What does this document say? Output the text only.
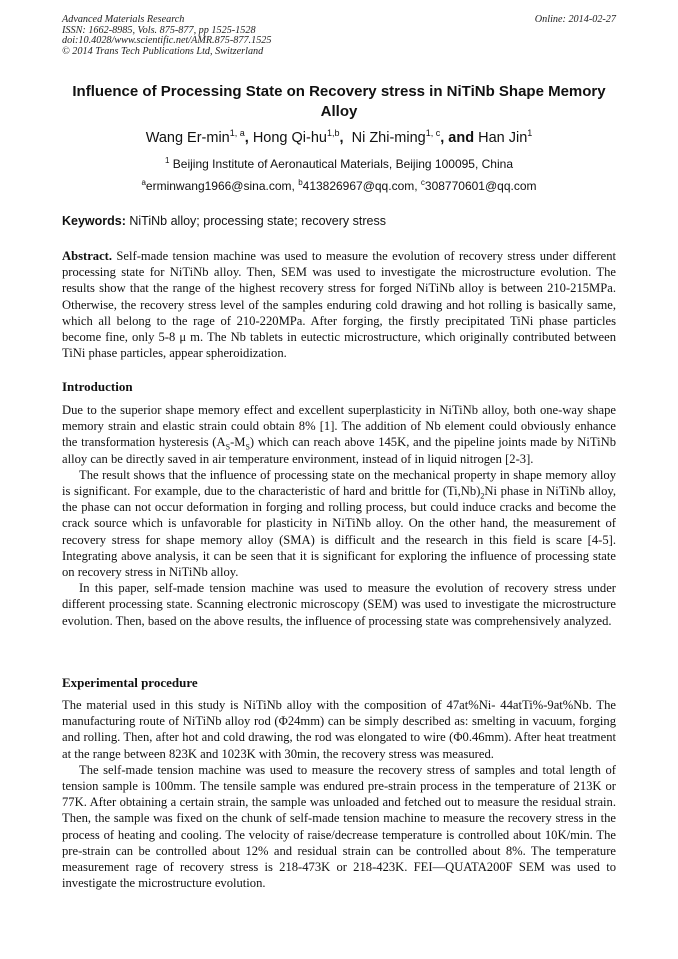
Advanced Materials Research
ISSN: 1662-8985, Vols. 875-877, pp 1525-1528
doi:10.4028/www.scientific.net/AMR.875-877.1525
© 2014 Trans Tech Publications Ltd, Switzerland
Online: 2014-02-27
Influence of Processing State on Recovery stress in NiTiNb Shape Memory Alloy
Wang $Er-\min^{1, a}$, Hong Qi-hu$^{1,b}$,  Ni Zhi-ming$^{1, c}$, and Han Jin$^1$
$^1$ Beijing Institute of Aeronautical Materials, Beijing 100095, China
$^a$erminwang1966@sina.com, $^b$413826967@qq.com, $^c$308770601@qq.com
Keywords: NiTiNb alloy; processing state; recovery stress

Abstract. Self-made tension machine was used to measure the evolution of recovery stress under different processing state for NiTiNb alloy. Then, SEM was used to investigate the microstructure evolution. The results show that the range of the highest recovery stress for forged NiTiNb alloy is between 210-215MPa. Otherwise, the recovery stress level of the samples enduring cold drawing and hot rolling is basically same, which all belong to the rage of 210-220MPa. After forging, the firstly precipitated TiNi phase particles become fine, only 5-8 μ m. The Nb tablets in eutectic microstructure, which originally contributed between TiNi phase particles, appear spheroidization.

Introduction

Due to the superior shape memory effect and excellent superplasticity in NiTiNb alloy, both one-way shape memory strain and elastic strain could obtain 8% [1]. The addition of Nb element could obviously enhance the transformation hysteresis $(A_S-M_S)$ which can reach above 145K, and the pipeline joints made by NiTiNb alloy can be directly saved in air temperature environment, instead of in liquid nitrogen [2-3].

The result shows that the influence of processing state on the mechanical property in shape memory alloy is significant. For example, due to the characteristic of hard and brittle for $(Ti,Nb)_2Ni$ phase in NiTiNb alloy, the phase can not occur deformation in forging and rolling process, but could induce cracks and become the crack source which is unfavorable for plasticity in NiTiNb alloy. On the other hand, the measurement of recovery stress for shape memory alloy (SMA) is difficult and the research in this field is scare [4-5]. Integrating above analysis, it can be seen that it is significant for exploring the influence of processing state on recovery stress in NiTiNb alloy.

In this paper, self-made tension machine was used to measure the evolution of recovery stress under different processing state. Scanning electronic microscopy (SEM) was used to investigate the microstructure evolution. Then, based on the above results, the influence of processing state was comprehensively analyzed.

Experimental procedure

The material used in this study is NiTiNb alloy with the composition of 47at%Ni- 44atTi%-9at%Nb. The manufacturing route of NiTiNb alloy rod (Φ24mm) can be simply described as: smelting in vacuum, forging and rolling. Then, after hot and cold drawing, the rod was elongated to wire (Φ0.46mm). After heat treatment at the range between 823K and 1023K with 30min, the recovery stress was measured.

The self-made tension machine was used to measure the recovery stress of samples and total length of tension sample is 100mm. The tensile sample was endured pre-strain process in the temperature of 213K or 77K. After obtaining a certain strain, the sample was unloaded and fetched out to measure the residual strain. Then, the sample was fixed on the chunk of self-made tension machine to measure the recovery stress in the process of heating and cooling. The velocity of raise/decrease temperature is controlled about 10K/min. The pre-strain can be controlled about 12% and residual strain can be controlled about 8%. The temperature measurement rage of recovery stress is 218-473K or 218-423K. FEI—QUATA200F SEM was used to investigate the microstructure evolution.
